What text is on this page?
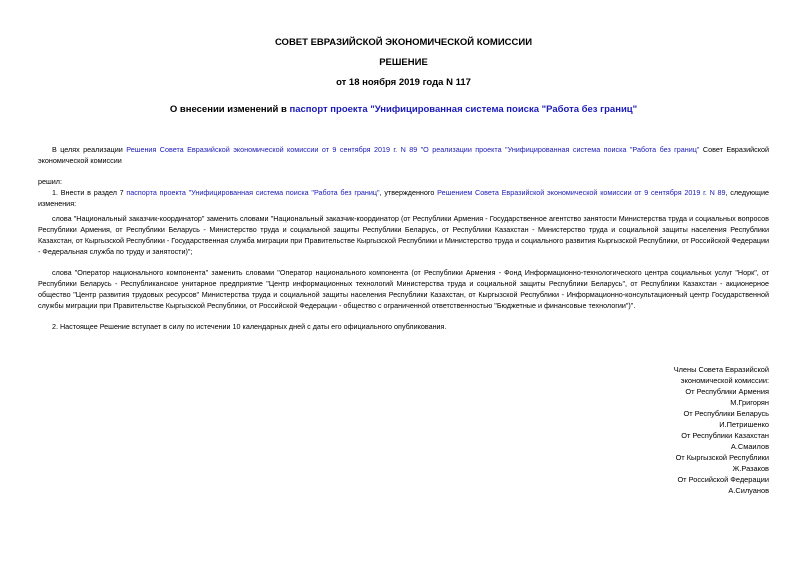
СОВЕТ ЕВРАЗИЙСКОЙ ЭКОНОМИЧЕСКОЙ КОМИССИИ
РЕШЕНИЕ
от 18 ноября 2019 года N 117
О внесении изменений в паспорт проекта "Унифицированная система поиска "Работа без границ"
В целях реализации Решения Совета Евразийской экономической комиссии от 9 сентября 2019 г. N 89 "О реализации проекта "Унифицированная система поиска "Работа без границ" Совет Евразийской экономической комиссии
решил:
1. Внести в раздел 7 паспорта проекта "Унифицированная система поиска "Работа без границ", утвержденного Решением Совета Евразийской экономической комиссии от 9 сентября 2019 г. N 89, следующие изменения:
слова "Национальный заказчик-координатор" заменить словами "Национальный заказчик-координатор (от Республики Армения - Государственное агентство занятости Министерства труда и социальных вопросов Республики Армения, от Республики Беларусь - Министерство труда и социальной защиты Республики Беларусь, от Республики Казахстан - Министерство труда и социальной защиты населения Республики Казахстан, от Кыргызской Республики - Государственная служба миграции при Правительстве Кыргызской Республики и Министерство труда и социального развития Кыргызской Республики, от Российской Федерации - Федеральная служба по труду и занятости)";
слова "Оператор национального компонента" заменить словами "Оператор национального компонента (от Республики Армения - Фонд Информационно-технологического центра социальных услуг "Норк", от Республики Беларусь - Республиканское унитарное предприятие "Центр информационных технологий Министерства труда и социальной защиты Республики Беларусь", от Республики Казахстан - акционерное общество "Центр развития трудовых ресурсов" Министерства труда и социальной защиты населения Республики Казахстан, от Кыргызской Республики - Информационно-консультационный центр Государственной службы миграции при Правительстве Кыргызской Республики, от Российской Федерации - общество с ограниченной ответственностью "Бюджетные и финансовые технологии")".
2. Настоящее Решение вступает в силу по истечении 10 календарных дней с даты его официального опубликования.
Члены Совета Евразийской
экономической комиссии:
От Республики Армения
М.Григорян
От Республики Беларусь
И.Петришенко
От Республики Казахстан
А.Смаилов
От Кыргызской Республики
Ж.Разаков
От Российской Федерации
А.Силуанов
